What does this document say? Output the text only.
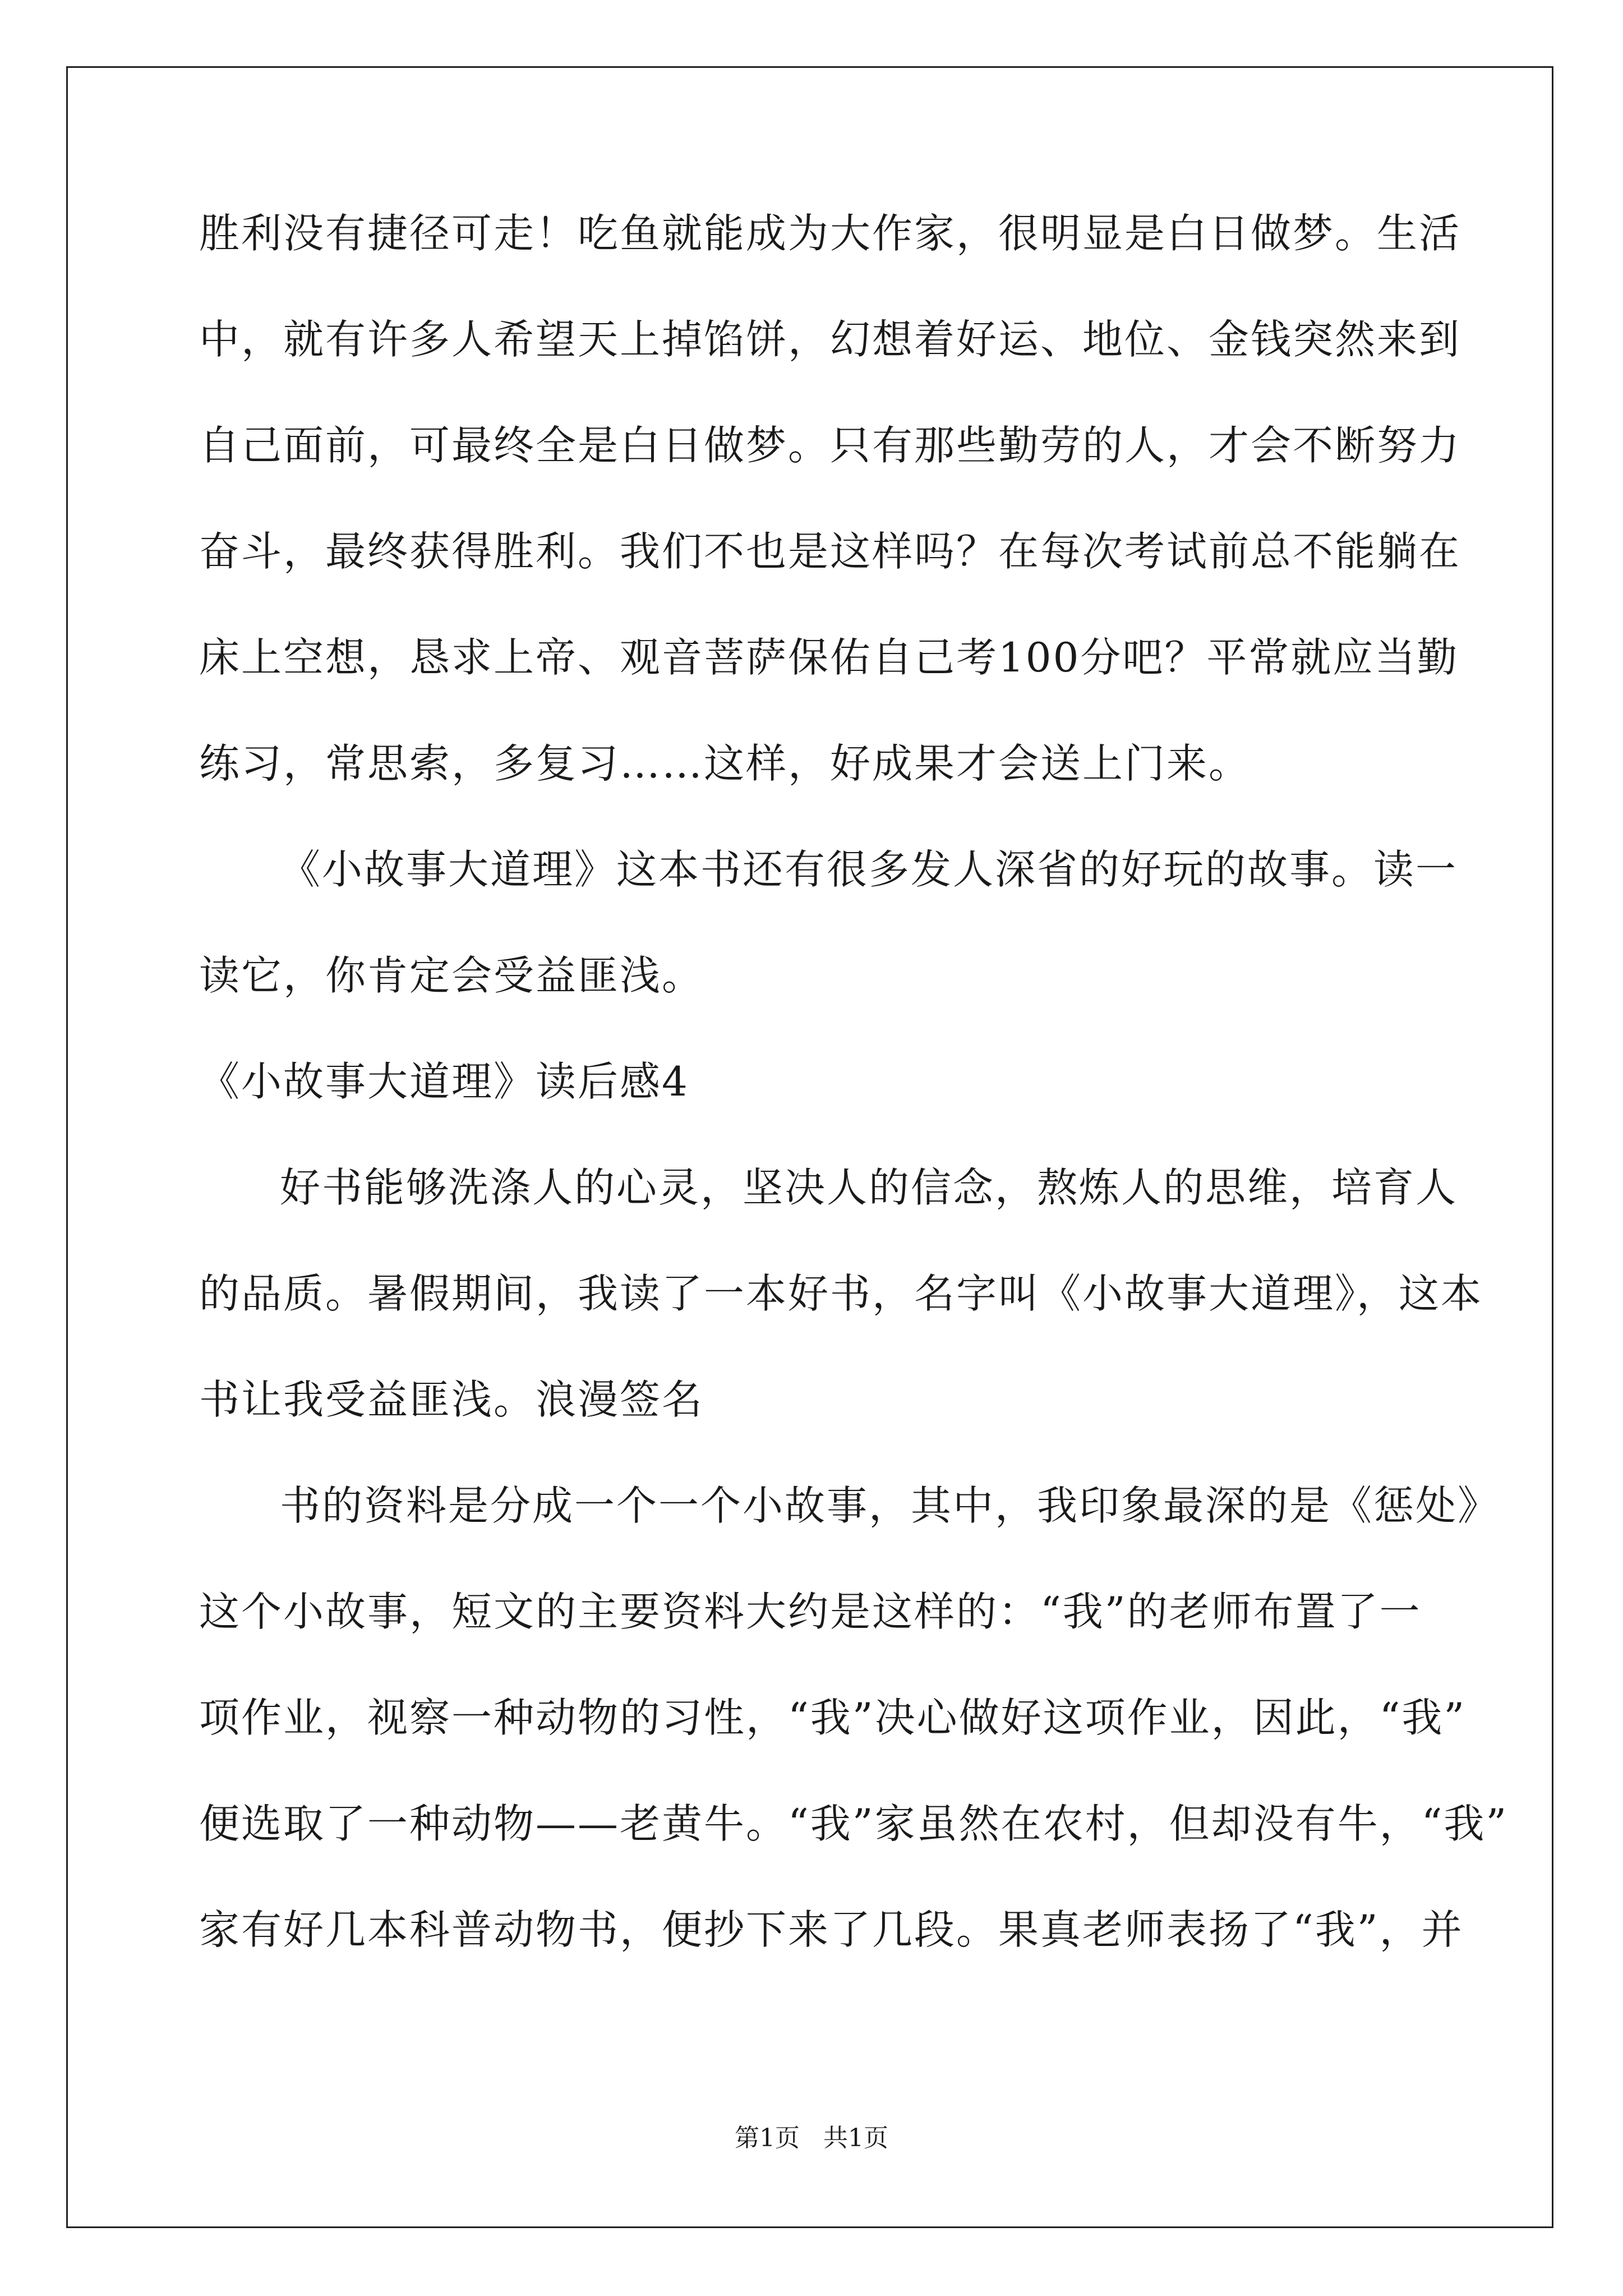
胜利没有捷径可走！吃鱼就能成为大作家，很明显是白日做梦。生活
中，就有许多人希望天上掉馅饼，幻想着好运、地位、金钱突然来到
自己面前，可最终全是白日做梦。只有那些勤劳的人，才会不断努力
奋斗，最终获得胜利。我们不也是这样吗？在每次考试前总不能躺在
床上空想，恳求上帝、观音菩萨保佑自己考100分吧？平常就应当勤
练习，常思索，多复习……这样，好成果才会送上门来。
《小故事大道理》这本书还有很多发人深省的好玩的故事。读一
读它，你肯定会受益匪浅。
《小故事大道理》读后感4
好书能够洗涤人的心灵，坚决人的信念，熬炼人的思维，培育人
的品质。暑假期间，我读了一本好书，名字叫《小故事大道理》，这本
书让我受益匪浅。浪漫签名
书的资料是分成一个一个小故事，其中，我印象最深的是《惩处》
这个小故事，短文的主要资料大约是这样的：“我”的老师布置了一
项作业，视察一种动物的习性，“我”决心做好这项作业，因此，“我”
便选取了一种动物——老黄牛。“我”家虽然在农村，但却没有牛，“我”
家有好几本科普动物书，便抄下来了几段。果真老师表扬了“我”，并
第1页   共1页
